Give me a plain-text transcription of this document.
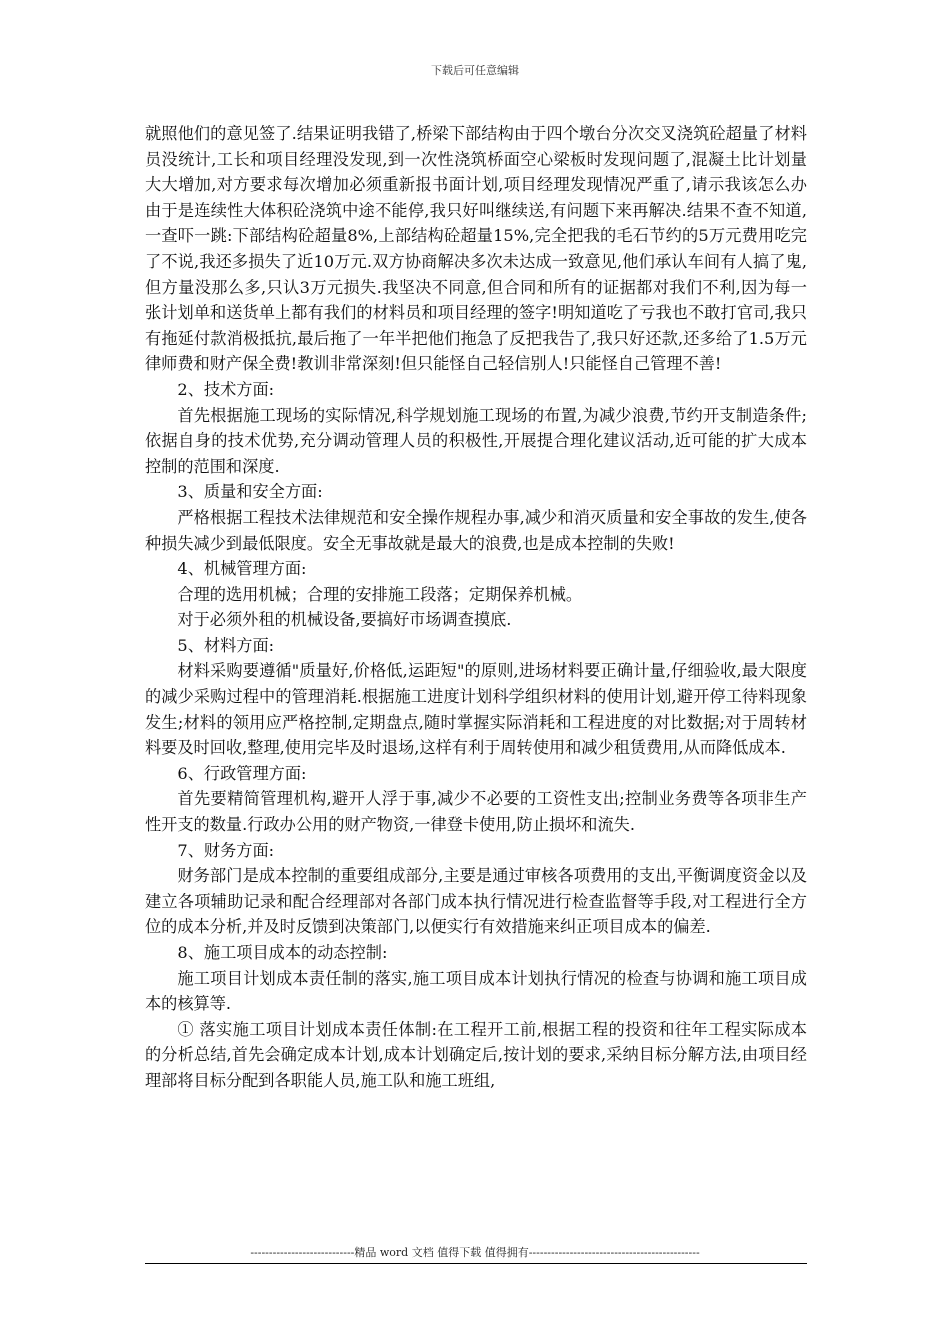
下载后可任意编辑

就照他们的意见签了.结果证明我错了,桥梁下部结构由于四个墩台分次交叉浇筑砼超量了材料员没统计,工长和项目经理没发现,到一次性浇筑桥面空心梁板时发现问题了,混凝土比计划量大大增加,对方要求每次增加必须重新报书面计划,项目经理发现情况严重了,请示我该怎么办　由于是连续性大体积砼浇筑中途不能停,我只好叫继续送,有问题下来再解决.结果不查不知道,一查吓一跳:下部结构砼超量8%,上部结构砼超量15%,完全把我的毛石节约的5万元费用吃完了不说,我还多损失了近10万元.双方协商解决多次未达成一致意见,他们承认车间有人搞了鬼,但方量没那么多,只认3万元损失.我坚决不同意,但合同和所有的证据都对我们不利,因为每一张计划单和送货单上都有我们的材料员和项目经理的签字!明知道吃了亏我也不敢打官司,我只有拖延付款消极抵抗,最后拖了一年半把他们拖急了反把我告了,我只好还款,还多给了1.5万元律师费和财产保全费!教训非常深刻!但只能怪自己轻信别人!只能怪自己管理不善!

2、技术方面:

首先根据施工现场的实际情况,科学规划施工现场的布置,为减少浪费,节约开支制造条件;依据自身的技术优势,充分调动管理人员的积极性,开展提合理化建议活动,近可能的扩大成本控制的范围和深度.

3、质量和安全方面:

严格根据工程技术法律规范和安全操作规程办事,减少和消灭质量和安全事故的发生,使各种损失减少到最低限度。安全无事故就是最大的浪费,也是成本控制的失败!

4、机械管理方面:

合理的选用机械；合理的安排施工段落；定期保养机械。

对于必须外租的机械设备,要搞好市场调查摸底.

5、材料方面:

材料采购要遵循"质量好,价格低,运距短"的原则,进场材料要正确计量,仔细验收,最大限度的减少采购过程中的管理消耗.根据施工进度计划科学组织材料的使用计划,避开停工待料现象发生;材料的领用应严格控制,定期盘点,随时掌握实际消耗和工程进度的对比数据;对于周转材料要及时回收,整理,使用完毕及时退场,这样有利于周转使用和减少租赁费用,从而降低成本.

6、行政管理方面:

首先要精简管理机构,避开人浮于事,减少不必要的工资性支出;控制业务费等各项非生产性开支的数量.行政办公用的财产物资,一律登卡使用,防止损坏和流失.

7、财务方面:

财务部门是成本控制的重要组成部分,主要是通过审核各项费用的支出,平衡调度资金以及建立各项辅助记录和配合经理部对各部门成本执行情况进行检查监督等手段,对工程进行全方位的成本分析,并及时反馈到决策部门,以便实行有效措施来纠正项目成本的偏差.

8、施工项目成本的动态控制:

施工项目计划成本责任制的落实,施工项目成本计划执行情况的检查与协调和施工项目成本的核算等.

① 落实施工项目计划成本责任体制:在工程开工前,根据工程的投资和往年工程实际成本的分析总结,首先会确定成本计划,成本计划确定后,按计划的要求,采纳目标分解方法,由项目经理部将目标分配到各职能人员,施工队和施工班组,

----------------------------精品 word 文档 值得下载 值得拥有----------------------------------------------
